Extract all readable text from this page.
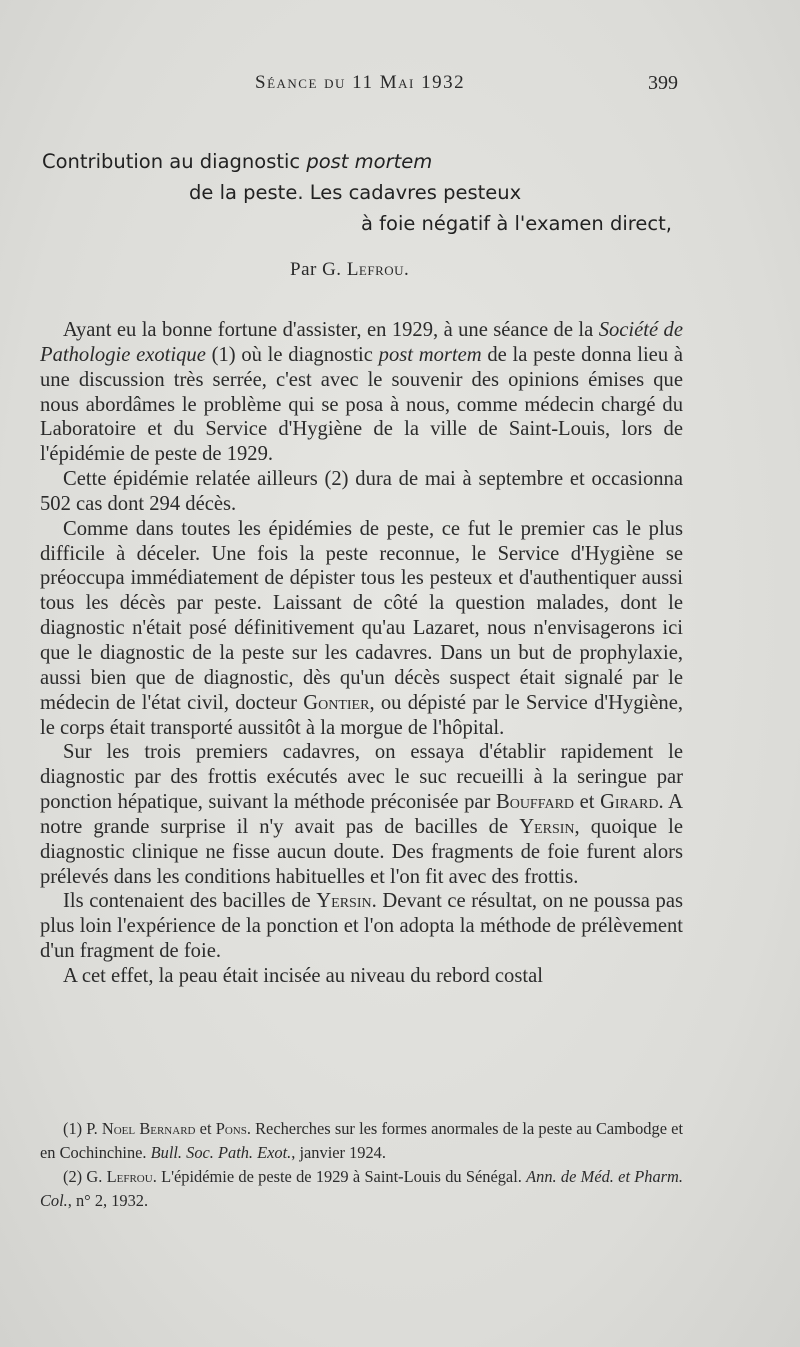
Séance du 11 Mai 1932	399
Contribution au diagnostic post mortem
de la peste. Les cadavres pesteux
à foie négatif à l'examen direct,
Par G. Lefrou.

Ayant eu la bonne fortune d'assister, en 1929, à une séance de la Société de Pathologie exotique (1) où le diagnostic post mortem de la peste donna lieu à une discussion très serrée, c'est avec le souvenir des opinions émises que nous abordâmes le problème qui se posa à nous, comme médecin chargé du Laboratoire et du Service d'Hygiène de la ville de Saint-Louis, lors de l'épidémie de peste de 1929.

Cette épidémie relatée ailleurs (2) dura de mai à septembre et occasionna 502 cas dont 294 décès.

Comme dans toutes les épidémies de peste, ce fut le premier cas le plus difficile à déceler. Une fois la peste reconnue, le Service d'Hygiène se préoccupa immédiatement de dépister tous les pesteux et d'authentiquer aussi tous les décès par peste. Laissant de côté la question malades, dont le diagnostic n'était posé définitivement qu'au Lazaret, nous n'envisagerons ici que le diagnostic de la peste sur les cadavres. Dans un but de prophylaxie, aussi bien que de diagnostic, dès qu'un décès suspect était signalé par le médecin de l'état civil, docteur Gontier, ou dépisté par le Service d'Hygiène, le corps était transporté aussitôt à la morgue de l'hôpital.

Sur les trois premiers cadavres, on essaya d'établir rapidement le diagnostic par des frottis exécutés avec le suc recueilli à la seringue par ponction hépatique, suivant la méthode préconisée par Bouffard et Girard. A notre grande surprise il n'y avait pas de bacilles de Yersin, quoique le diagnostic clinique ne fisse aucun doute. Des fragments de foie furent alors prélevés dans les conditions habituelles et l'on fit avec des frottis.

Ils contenaient des bacilles de Yersin. Devant ce résultat, on ne poussa pas plus loin l'expérience de la ponction et l'on adopta la méthode de prélèvement d'un fragment de foie.

A cet effet, la peau était incisée au niveau du rebord costal

(1) P. Noel Bernard et Pons. Recherches sur les formes anormales de la peste au Cambodge et en Cochinchine. Bull. Soc. Path. Exot., janvier 1924.

(2) G. Lefrou. L'épidémie de peste de 1929 à Saint-Louis du Sénégal. Ann. de Méd. et Pharm. Col., n° 2, 1932.
